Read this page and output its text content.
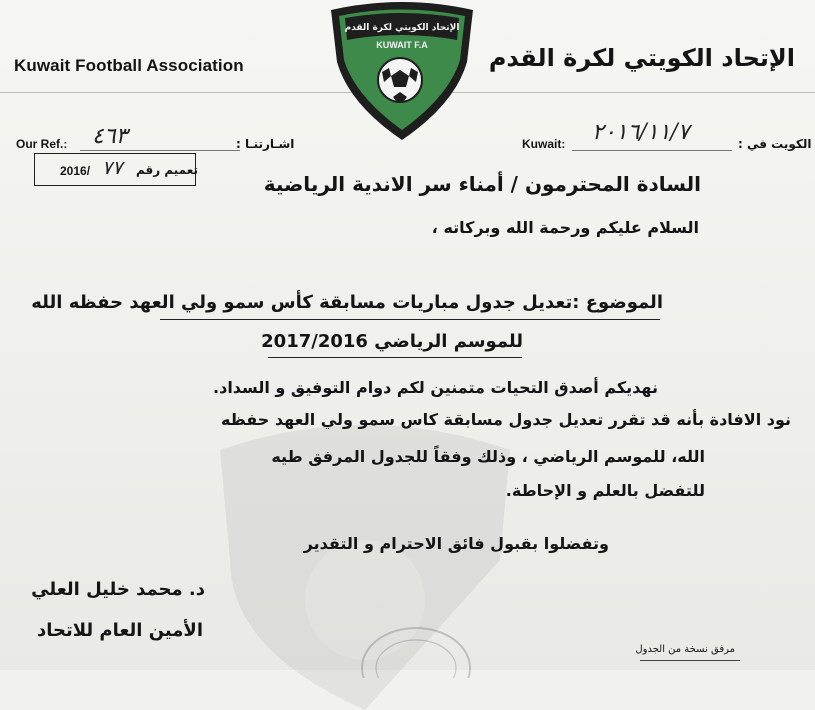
Kuwait Football Association	الإتحاد الكويتي لكرة القدم
الإتحاد الكويتي لكرة القدم
KUWAIT F.A
Our Ref.: ٤٦٣	اشـارتنـا :
2016/ ٧٧ تعميم رقم
Kuwait: ٢٠١٦/١١/٧	الكويت في :
السادة المحترمون / أمناء سر الاندية الرياضية
السلام عليكم ورحمة الله وبركاته ،
الموضوع :تعديل جدول مباريات مسابقة كأس سمو ولي العهد حفظه الله
للموسم الرياضي 2017/2016
نهديكم أصدق التحيات متمنين لكم دوام التوفيق و السداد.
نود الافادة بأنه قد تقرر تعديل جدول مسابقة كاس سمو ولي العهد حفظه
الله، للموسم الرياضي ، وذلك وفقاً للجدول المرفق طيه
للتفضل بالعلم و الإحاطة.
وتفضلوا بقبول فائق الاحترام و التقدير
د. محمد خليل العلي
الأمين العام للاتحاد
مرفق نسخة من الجدول
